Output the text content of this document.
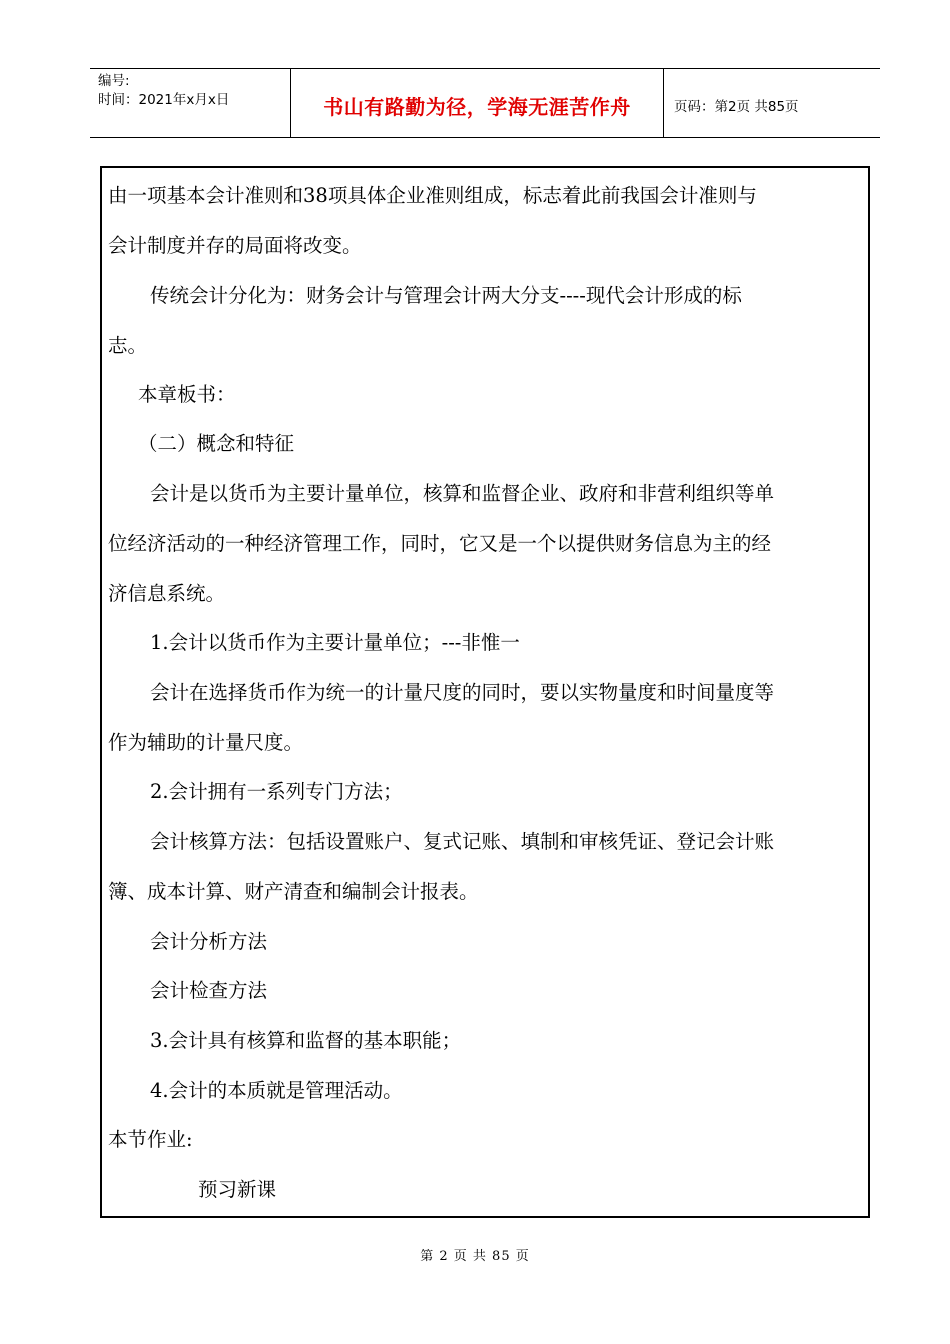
编号:
时间：2021年x月x日	书山有路勤为径，学海无涯苦作舟	页码：第2页 共85页
由一项基本会计准则和38项具体企业准则组成，标志着此前我国会计准则与
会计制度并存的局面将改变。
传统会计分化为：财务会计与管理会计两大分支----现代会计形成的标
志。
本章板书：
（二）概念和特征
会计是以货币为主要计量单位，核算和监督企业、政府和非营利组织等单
位经济活动的一种经济管理工作，同时，它又是一个以提供财务信息为主的经
济信息系统。
1.会计以货币作为主要计量单位；---非惟一
会计在选择货币作为统一的计量尺度的同时，要以实物量度和时间量度等
作为辅助的计量尺度。
2.会计拥有一系列专门方法；
会计核算方法：包括设置账户、复式记账、填制和审核凭证、登记会计账
簿、成本计算、财产清查和编制会计报表。
会计分析方法
会计检查方法
3.会计具有核算和监督的基本职能；
4.会计的本质就是管理活动。
本节作业:
预习新课
第 2 页 共 85 页
